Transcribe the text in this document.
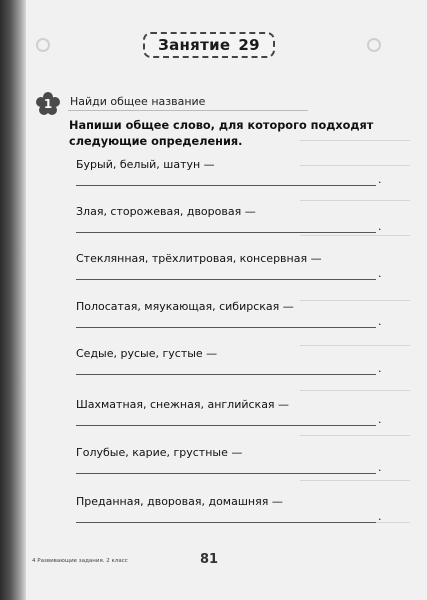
Занятие 29
1 Найди общее название
Напиши общее слово, для которого подходят следующие определения.
Бурый, белый, шатун —
.
Злая, сторожевая, дворовая —
.
Стеклянная, трёхлитровая, консервная —
.
Полосатая, мяукающая, сибирская —
.
Седые, русые, густые —
.
Шахматная, снежная, английская —
.
Голубые, карие, грустные —
.
Преданная, дворовая, домашняя —
.
4 Развивающие задания. 2 класс	81
